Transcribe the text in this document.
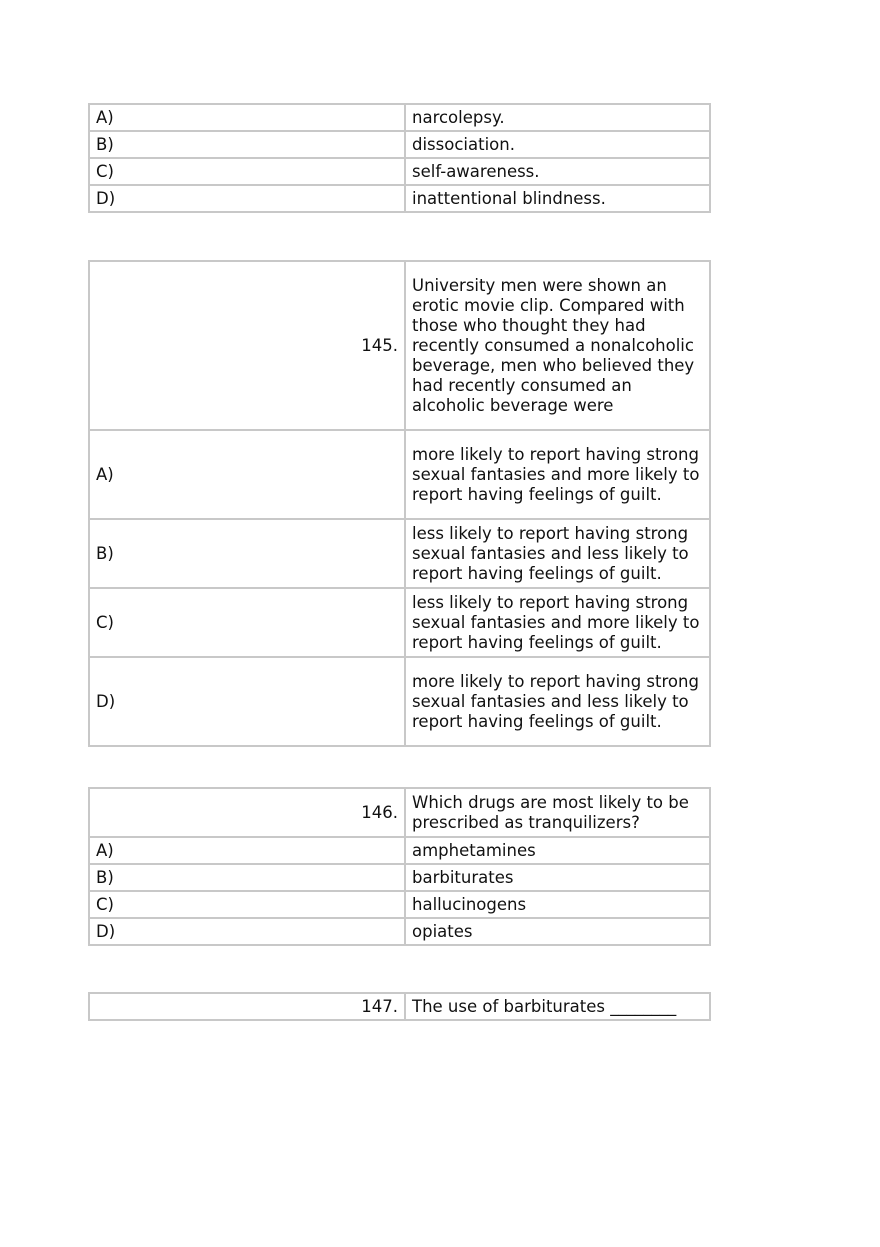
A)	narcolepsy.
B)	dissociation.
C)	self-awareness.
D)	inattentional blindness.
145.	University men were shown an erotic movie clip. Compared with those who thought they had recently consumed a nonalcoholic beverage, men who believed they had recently consumed an alcoholic beverage were
A)	more likely to report having strong sexual fantasies and more likely to report having feelings of guilt.
B)	less likely to report having strong sexual fantasies and less likely to report having feelings of guilt.
C)	less likely to report having strong sexual fantasies and more likely to report having feelings of guilt.
D)	more likely to report having strong sexual fantasies and less likely to report having feelings of guilt.
146.	Which drugs are most likely to be prescribed as tranquilizers?
A)	amphetamines
B)	barbiturates
C)	hallucinogens
D)	opiates
147.	The use of barbiturates ________
